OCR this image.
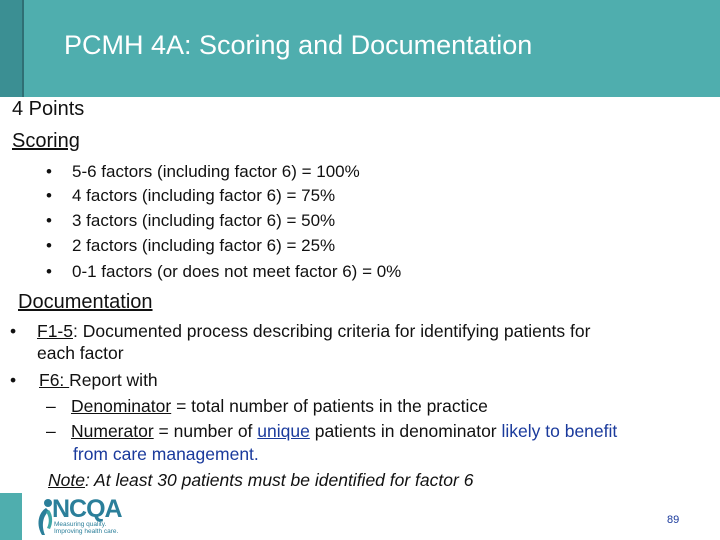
PCMH 4A: Scoring and Documentation
4 Points
Scoring
• 5-6 factors (including factor 6) = 100%
• 4 factors (including factor 6) = 75%
• 3 factors (including factor 6) = 50%
• 2 factors (including factor 6) = 25%
• 0-1 factors (or does not meet factor 6) = 0%
Documentation
• F1-5: Documented process describing criteria for identifying patients for
each factor
• F6: Report with
– Denominator = total number of patients in the practice
– Numerator = number of unique patients in denominator likely to benefit
from care management.
Note: At least 30 patients must be identified for factor 6
NCQA
Measuring quality.
Improving health care.
89
